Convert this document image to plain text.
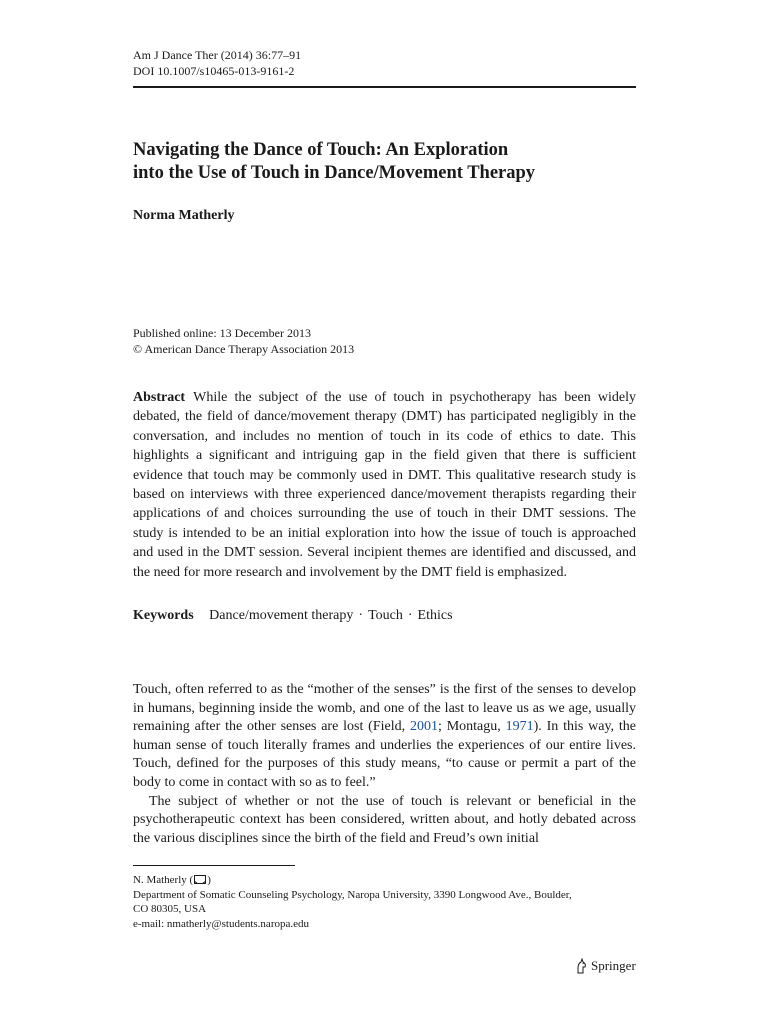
Am J Dance Ther (2014) 36:77–91
DOI 10.1007/s10465-013-9161-2
Navigating the Dance of Touch: An Exploration
into the Use of Touch in Dance/Movement Therapy
Norma Matherly
Published online: 13 December 2013
© American Dance Therapy Association 2013

Abstract While the subject of the use of touch in psychotherapy has been widely debated, the field of dance/movement therapy (DMT) has participated negligibly in the conversation, and includes no mention of touch in its code of ethics to date. This highlights a significant and intriguing gap in the field given that there is sufficient evidence that touch may be commonly used in DMT. This qualitative research study is based on interviews with three experienced dance/movement therapists regarding their applications of and choices surrounding the use of touch in their DMT sessions. The study is intended to be an initial exploration into how the issue of touch is approached and used in the DMT session. Several incipient themes are identified and discussed, and the need for more research and involvement by the DMT field is emphasized.

Keywords Dance/movement therapy · Touch · Ethics

Touch, often referred to as the “mother of the senses” is the first of the senses to develop in humans, beginning inside the womb, and one of the last to leave us as we age, usually remaining after the other senses are lost (Field, 2001; Montagu, 1971). In this way, the human sense of touch literally frames and underlies the experiences of our entire lives. Touch, defined for the purposes of this study means, “to cause or permit a part of the body to come in contact with so as to feel.”

The subject of whether or not the use of touch is relevant or beneficial in the psychotherapeutic context has been considered, written about, and hotly debated across the various disciplines since the birth of the field and Freud’s own initial

N. Matherly ( )
Department of Somatic Counseling Psychology, Naropa University, 3390 Longwood Ave., Boulder,
CO 80305, USA
e-mail: nmatherly@students.naropa.edu
Springer
